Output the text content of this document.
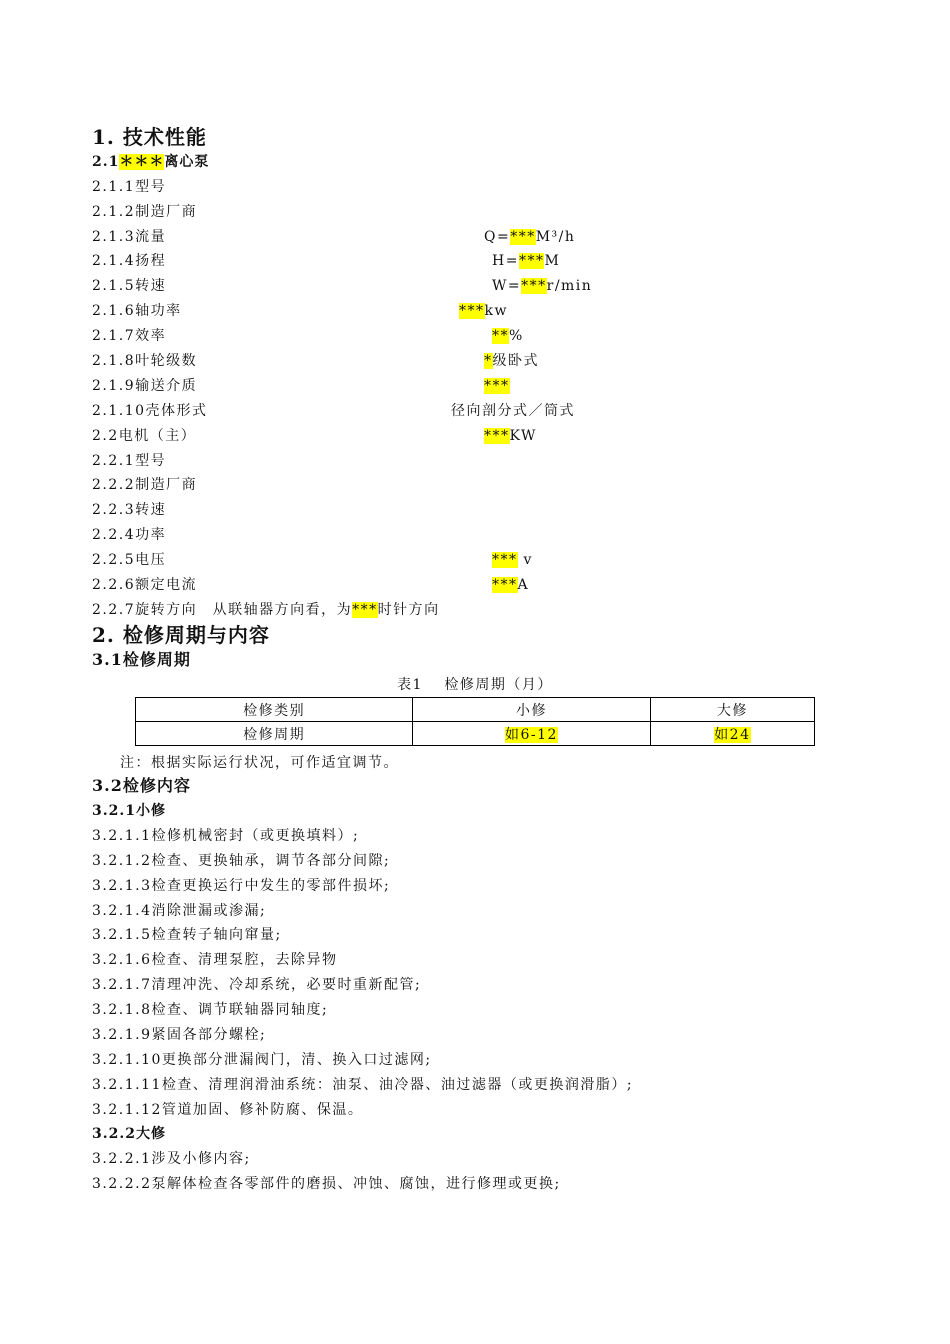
1. 技术性能
2.1＊＊＊离心泵
2.1.1型号
2.1.2制造厂商
2.1.3流量	Q=***M³/h
2.1.4扬程	H=***M
2.1.5转速	W=***r/min
2.1.6轴功率	***kw
2.1.7效率	**%
2.1.8叶轮级数	*级卧式
2.1.9输送介质	***
2.1.10壳体形式	径向剖分式／筒式
2.2电机（主）	***KW
2.2.1型号
2.2.2制造厂商
2.2.3转速
2.2.4功率
2.2.5电压	*** v
2.2.6额定电流	***A
2.2.7旋转方向　从联轴器方向看，为***时针方向
2. 检修周期与内容
3.1检修周期
表1　 检修周期（月）
检修类别	小修	大修
检修周期	如6-12	如24
注：根据实际运行状况，可作适宜调节。
3.2检修内容
3.2.1小修
3.2.1.1检修机械密封（或更换填料）;
3.2.1.2检查、更换轴承，调节各部分间隙;
3.2.1.3检查更换运行中发生的零部件损坏;
3.2.1.4消除泄漏或渗漏;
3.2.1.5检查转子轴向窜量;
3.2.1.6检查、清理泵腔，去除异物
3.2.1.7清理冲洗、冷却系统，必要时重新配管;
3.2.1.8检查、调节联轴器同轴度;
3.2.1.9紧固各部分螺栓;
3.2.1.10更换部分泄漏阀门，清、换入口过滤网;
3.2.1.11检查、清理润滑油系统：油泵、油冷器、油过滤器（或更换润滑脂）;
3.2.1.12管道加固、修补防腐、保温。
3.2.2大修
3.2.2.1涉及小修内容;
3.2.2.2泵解体检查各零部件的磨损、冲蚀、腐蚀，进行修理或更换;
